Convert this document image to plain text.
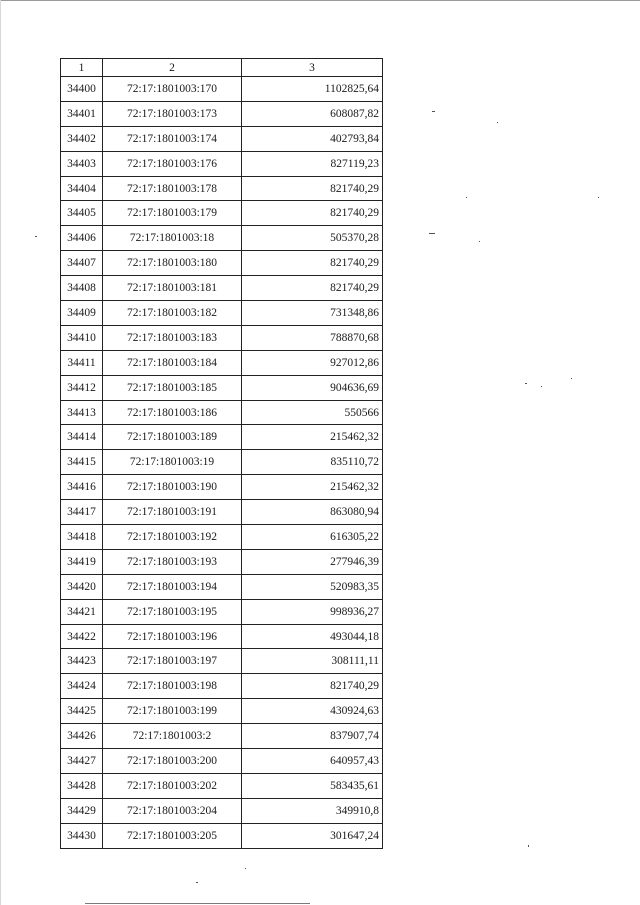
1	2	3
34400	72:17:1801003:170	1102825,64
34401	72:17:1801003:173	608087,82
34402	72:17:1801003:174	402793,84
34403	72:17:1801003:176	827119,23
34404	72:17:1801003:178	821740,29
34405	72:17:1801003:179	821740,29
34406	72:17:1801003:18	505370,28
34407	72:17:1801003:180	821740,29
34408	72:17:1801003:181	821740,29
34409	72:17:1801003:182	731348,86
34410	72:17:1801003:183	788870,68
34411	72:17:1801003:184	927012,86
34412	72:17:1801003:185	904636,69
34413	72:17:1801003:186	550566
34414	72:17:1801003:189	215462,32
34415	72:17:1801003:19	835110,72
34416	72:17:1801003:190	215462,32
34417	72:17:1801003:191	863080,94
34418	72:17:1801003:192	616305,22
34419	72:17:1801003:193	277946,39
34420	72:17:1801003:194	520983,35
34421	72:17:1801003:195	998936,27
34422	72:17:1801003:196	493044,18
34423	72:17:1801003:197	308111,11
34424	72:17:1801003:198	821740,29
34425	72:17:1801003:199	430924,63
34426	72:17:1801003:2	837907,74
34427	72:17:1801003:200	640957,43
34428	72:17:1801003:202	583435,61
34429	72:17:1801003:204	349910,8
34430	72:17:1801003:205	301647,24
